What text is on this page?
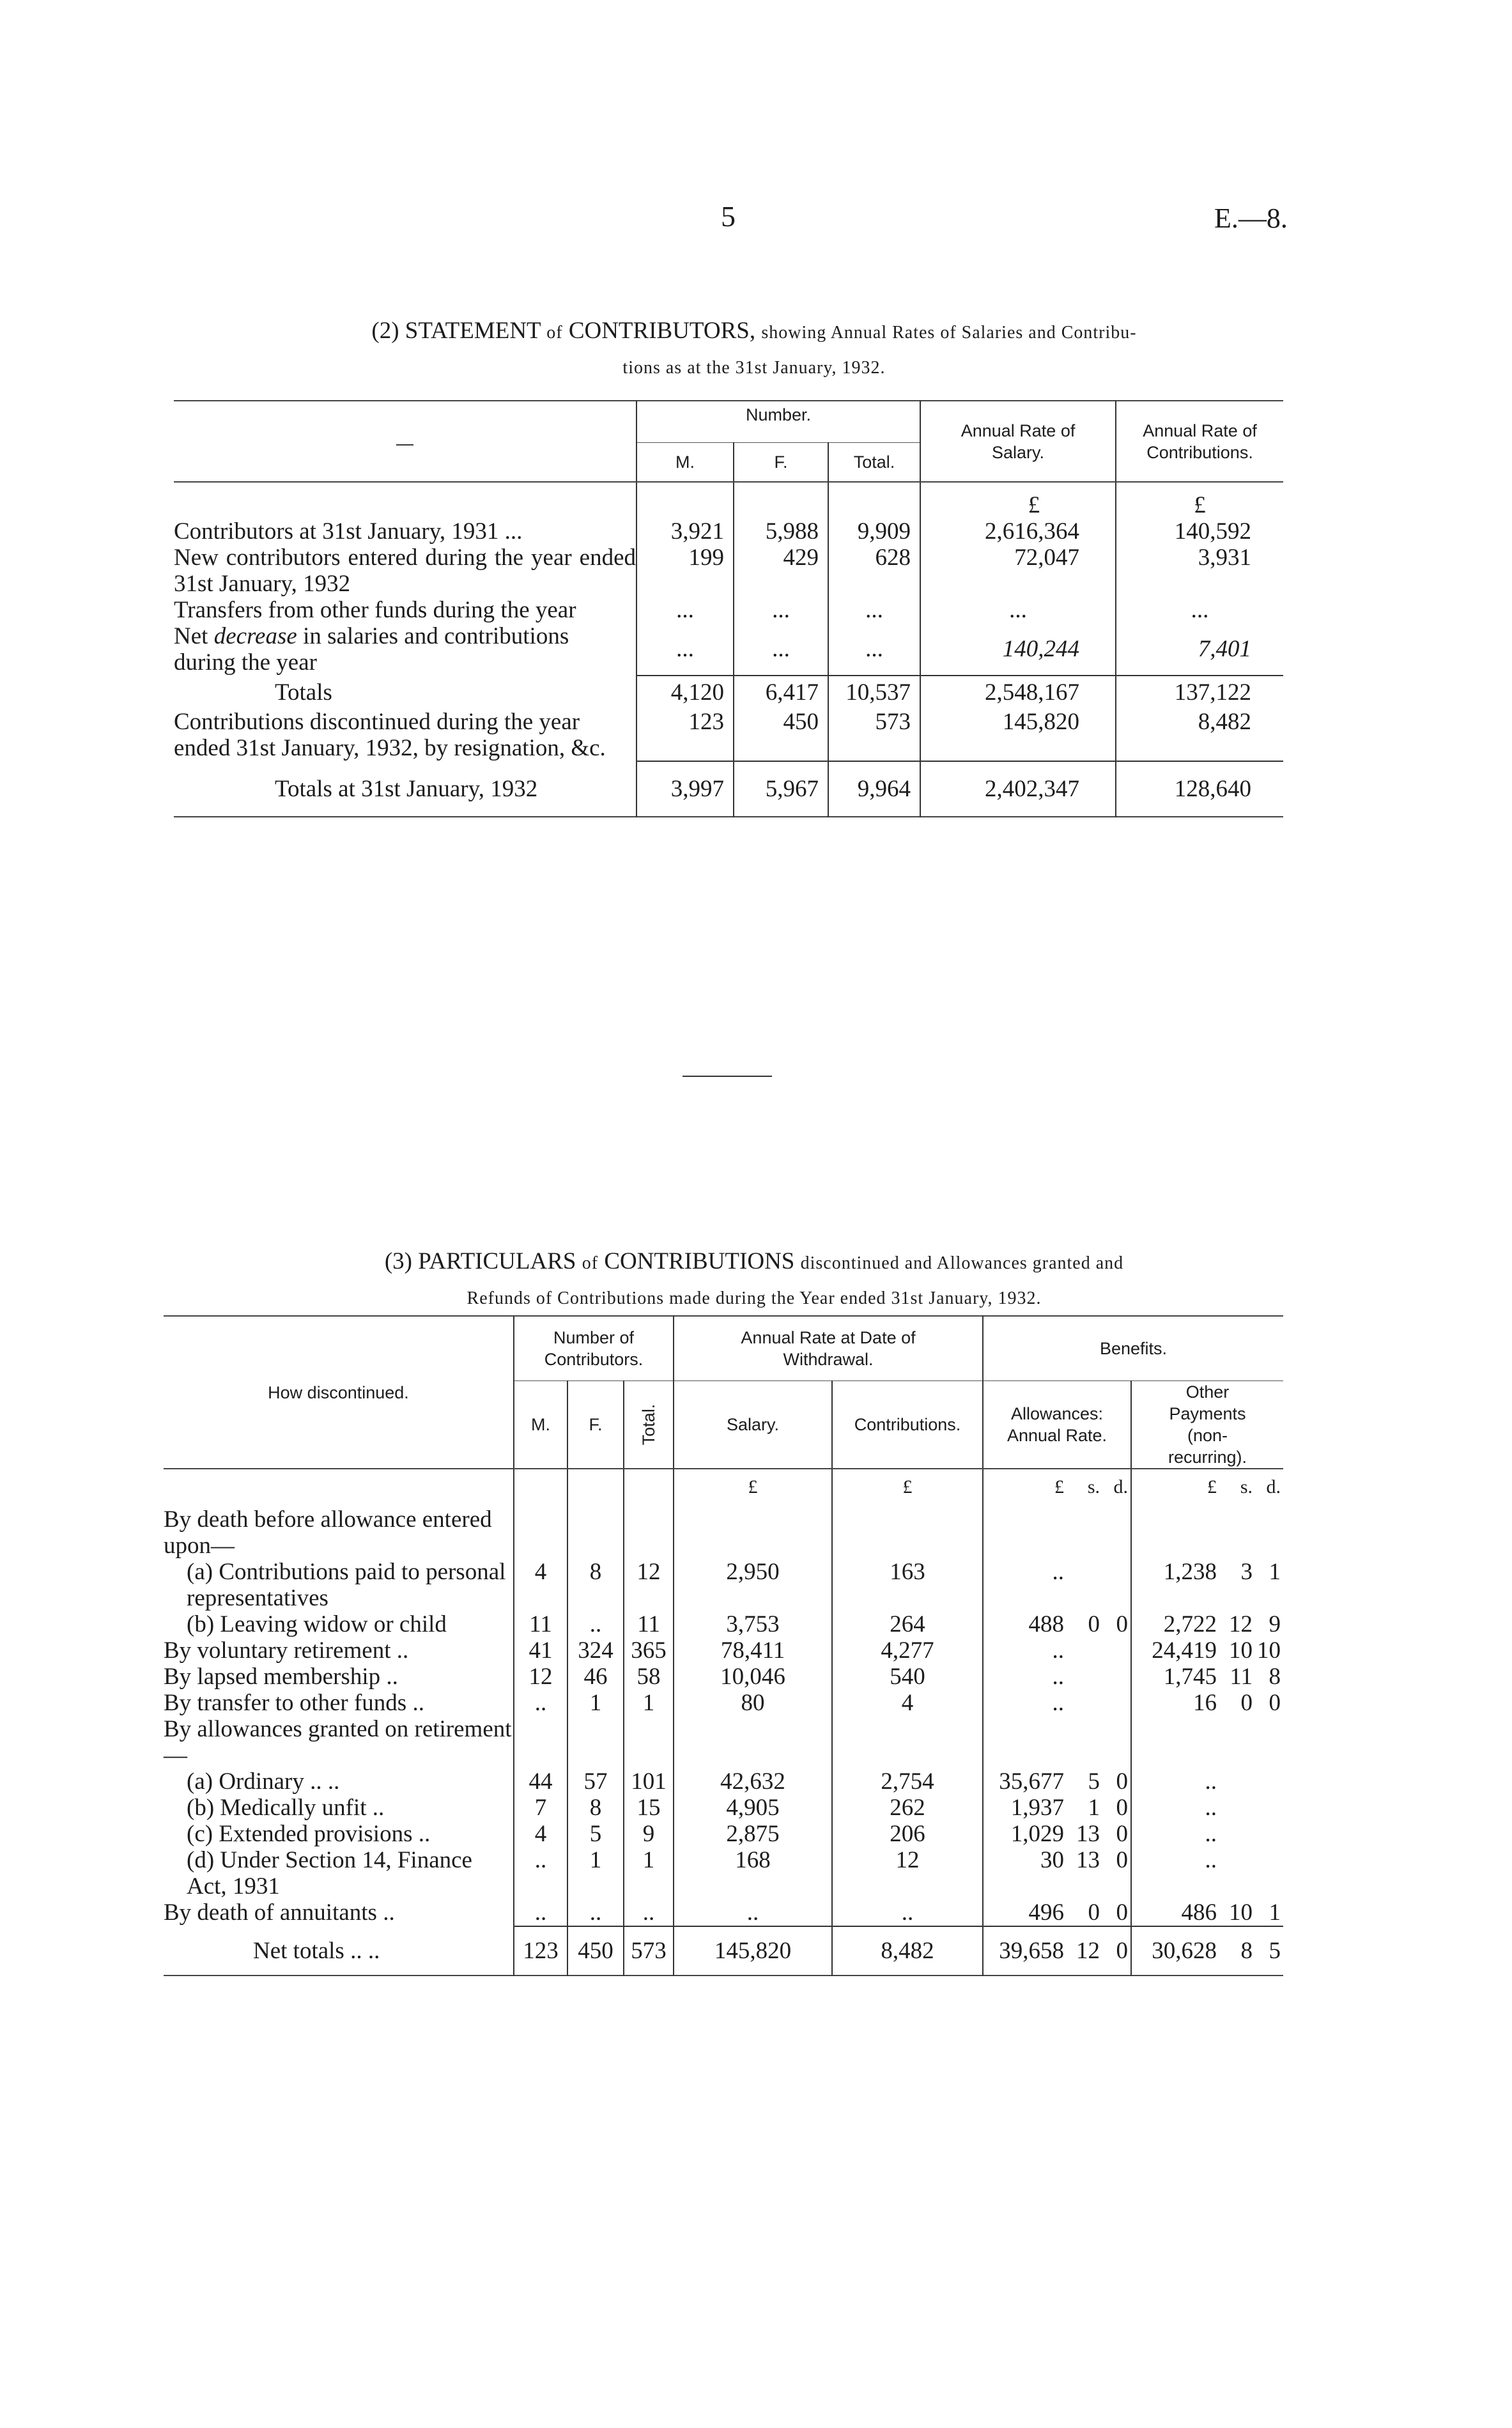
5	E.—8.
(2) STATEMENT of CONTRIBUTORS, showing Annual Rates of Salaries and Contribu-
tions as at the 31st January, 1932.
—	Number.			Annual Rate of Salary.	Annual Rate of Contributions.
	M.	F.	Total.		
				£	£
Contributors at 31st January, 1931 ...	3,921	5,988	9,909	2,616,364	140,592
New contributors entered during the year ended 31st January, 1932	199	429	628	72,047	3,931
Transfers from other funds during the year	...	...	...	...	...
Net decrease in salaries and contributions during the year	...	...	...	140,244	7,401
Totals	4,120	6,417	10,537	2,548,167	137,122
Contributions discontinued during the year ended 31st January, 1932, by resignation, &c.	123	450	573	145,820	8,482
Totals at 31st January, 1932	3,997	5,967	9,964	2,402,347	128,640
(3) PARTICULARS of CONTRIBUTIONS discontinued and Allowances granted and
Refunds of Contributions made during the Year ended 31st January, 1932.
How discontinued.	Number of Contributors.			Annual Rate at Date of Withdrawal.		Benefits.	
	M.	F.	Total.	Salary.	Contributions.	Allowances: Annual Rate.	Other Payments (non-recurring).
				£	£	£ s. d.	£ s. d.
By death before allowance entered upon—							
(a) Contributions paid to personal representatives	4	8	12	2,950	163	..	1,238 3 1
(b) Leaving widow or child	11	..	11	3,753	264	488 0 0	2,722 12 9
By voluntary retirement ..	41	324	365	78,411	4,277	..	24,419 10 10
By lapsed membership ..	12	46	58	10,046	540	..	1,745 11 8
By transfer to other funds ..	..	1	1	80	4	..	16 0 0
By allowances granted on retirement—							
(a) Ordinary .. ..	44	57	101	42,632	2,754	35,677 5 0	..
(b) Medically unfit ..	7	8	15	4,905	262	1,937 1 0	..
(c) Extended provisions ..	4	5	9	2,875	206	1,029 13 0	..
(d) Under Section 14, Finance Act, 1931	..	1	1	168	12	30 13 0	..
By death of annuitants ..	..	..	..	..	..	496 0 0	486 10 1
Net totals .. ..	123	450	573	145,820	8,482	39,658 12 0	30,628 8 5
